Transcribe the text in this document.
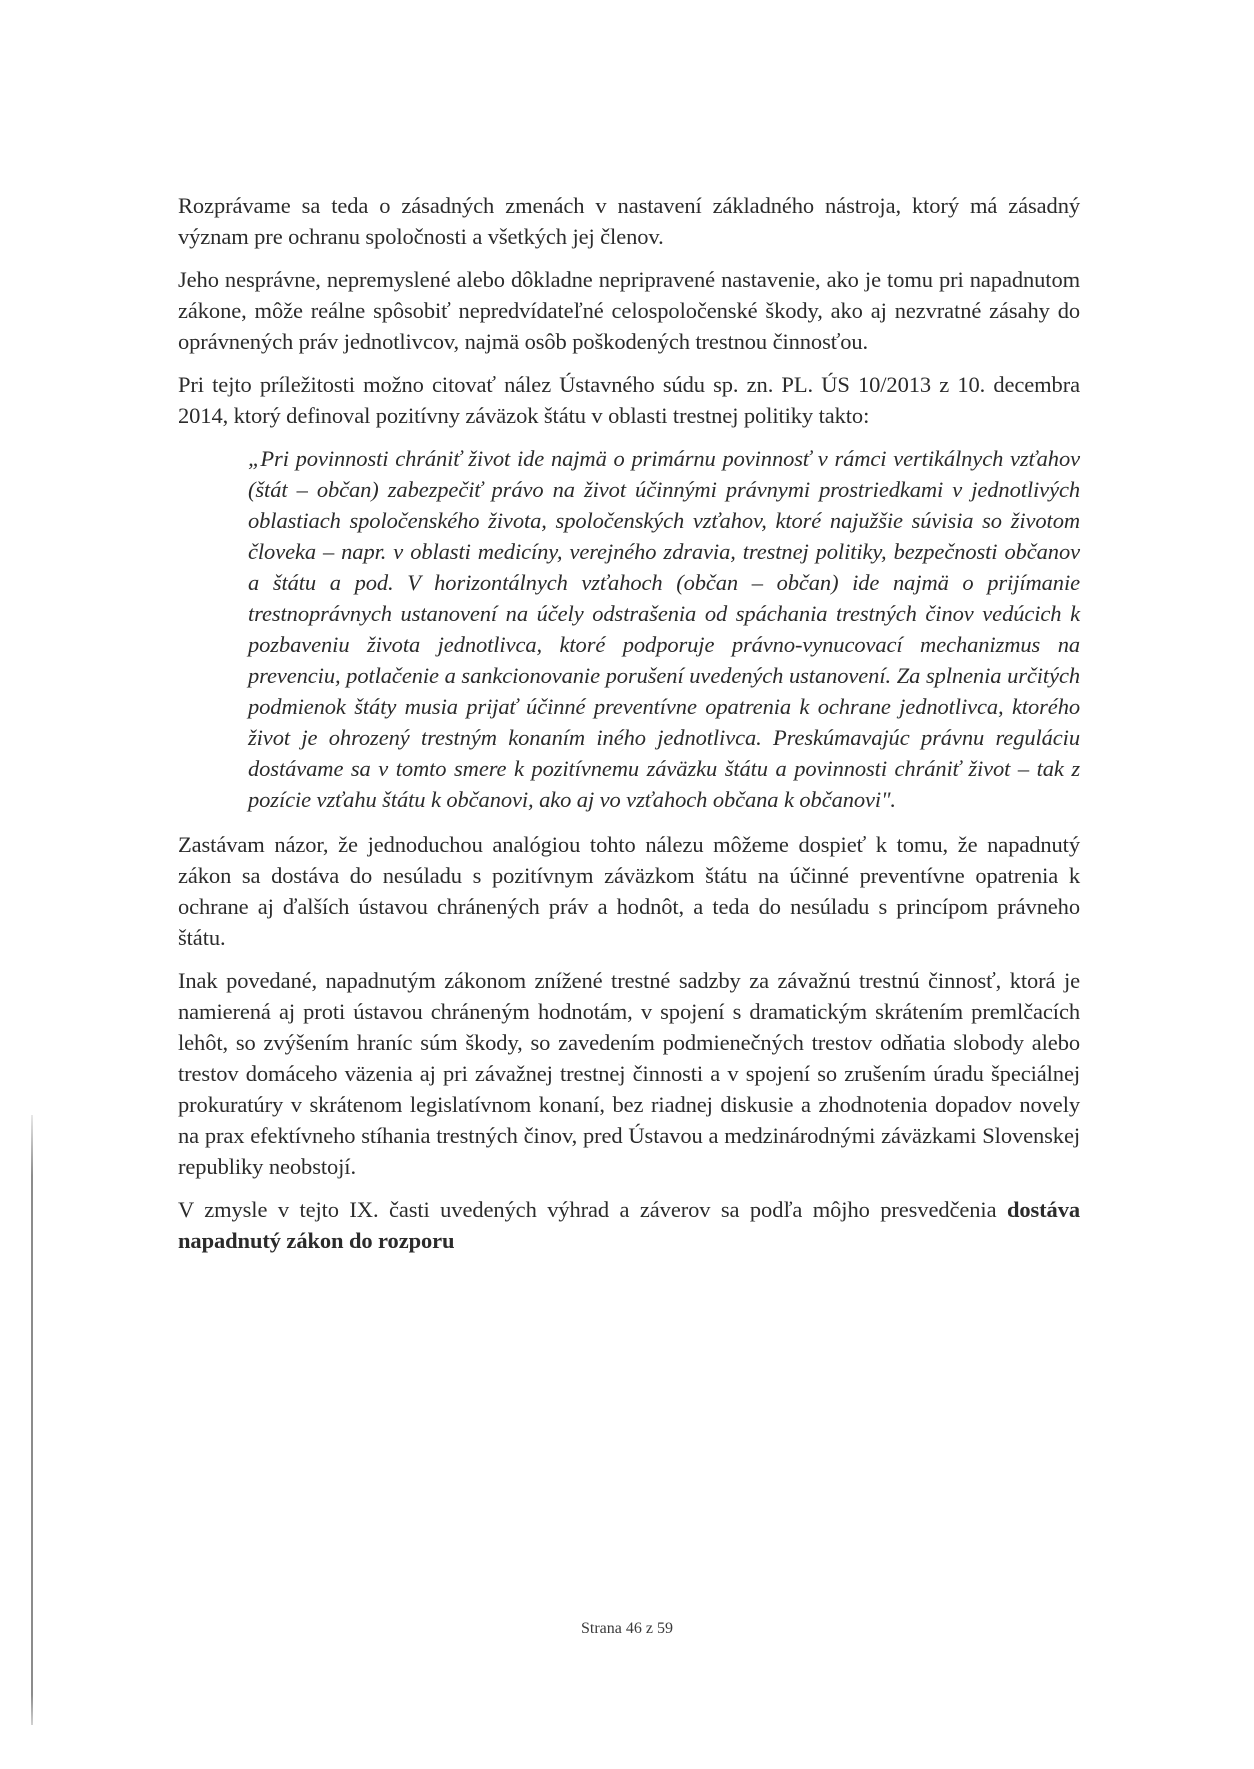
Rozprávame sa teda o zásadných zmenách v nastavení základného nástroja, ktorý má zásadný význam pre ochranu spoločnosti a všetkých jej členov.

Jeho nesprávne, nepremyslené alebo dôkladne nepripravené nastavenie, ako je tomu pri napadnutom zákone, môže reálne spôsobiť nepredvídateľné celospoločenské škody, ako aj nezvratné zásahy do oprávnených práv jednotlivcov, najmä osôb poškodených trestnou činnosťou.

Pri tejto príležitosti možno citovať nález Ústavného súdu sp. zn. PL. ÚS 10/2013 z 10. decembra 2014, ktorý definoval pozitívny záväzok štátu v oblasti trestnej politiky takto:

„Pri povinnosti chrániť život ide najmä o primárnu povinnosť v rámci vertikálnych vzťahov (štát – občan) zabezpečiť právo na život účinnými právnymi prostriedkami v jednotlivých oblastiach spoločenského života, spoločenských vzťahov, ktoré najužšie súvisia so životom človeka – napr. v oblasti medicíny, verejného zdravia, trestnej politiky, bezpečnosti občanov a štátu a pod. V horizontálnych vzťahoch (občan – občan) ide najmä o prijímanie trestnoprávnych ustanovení na účely odstrašenia od spáchania trestných činov vedúcich k pozbaveniu života jednotlivca, ktoré podporuje právno-vynucovací mechanizmus na prevenciu, potlačenie a sankcionovanie porušení uvedených ustanovení. Za splnenia určitých podmienok štáty musia prijať účinné preventívne opatrenia k ochrane jednotlivca, ktorého život je ohrozený trestným konaním iného jednotlivca. Preskúmavajúc právnu reguláciu dostávame sa v tomto smere k pozitívnemu záväzku štátu a povinnosti chrániť život – tak z pozície vzťahu štátu k občanovi, ako aj vo vzťahoch občana k občanovi".

Zastávam názor, že jednoduchou analógiou tohto nálezu môžeme dospieť k tomu, že napadnutý zákon sa dostáva do nesúladu s pozitívnym záväzkom štátu na účinné preventívne opatrenia k ochrane aj ďalších ústavou chránených práv a hodnôt, a teda do nesúladu s princípom právneho štátu.

Inak povedané, napadnutým zákonom znížené trestné sadzby za závažnú trestnú činnosť, ktorá je namierená aj proti ústavou chráneným hodnotám, v spojení s dramatickým skrátením premlčacích lehôt, so zvýšením hraníc súm škody, so zavedením podmienečných trestov odňatia slobody alebo trestov domáceho väzenia aj pri závažnej trestnej činnosti a v spojení so zrušením úradu špeciálnej prokuratúry v skrátenom legislatívnom konaní, bez riadnej diskusie a zhodnotenia dopadov novely na prax efektívneho stíhania trestných činov, pred Ústavou a medzinárodnými záväzkami Slovenskej republiky neobstojí.

V zmysle v tejto IX. časti uvedených výhrad a záverov sa podľa môjho presvedčenia dostáva napadnutý zákon do rozporu

Strana 46 z 59
